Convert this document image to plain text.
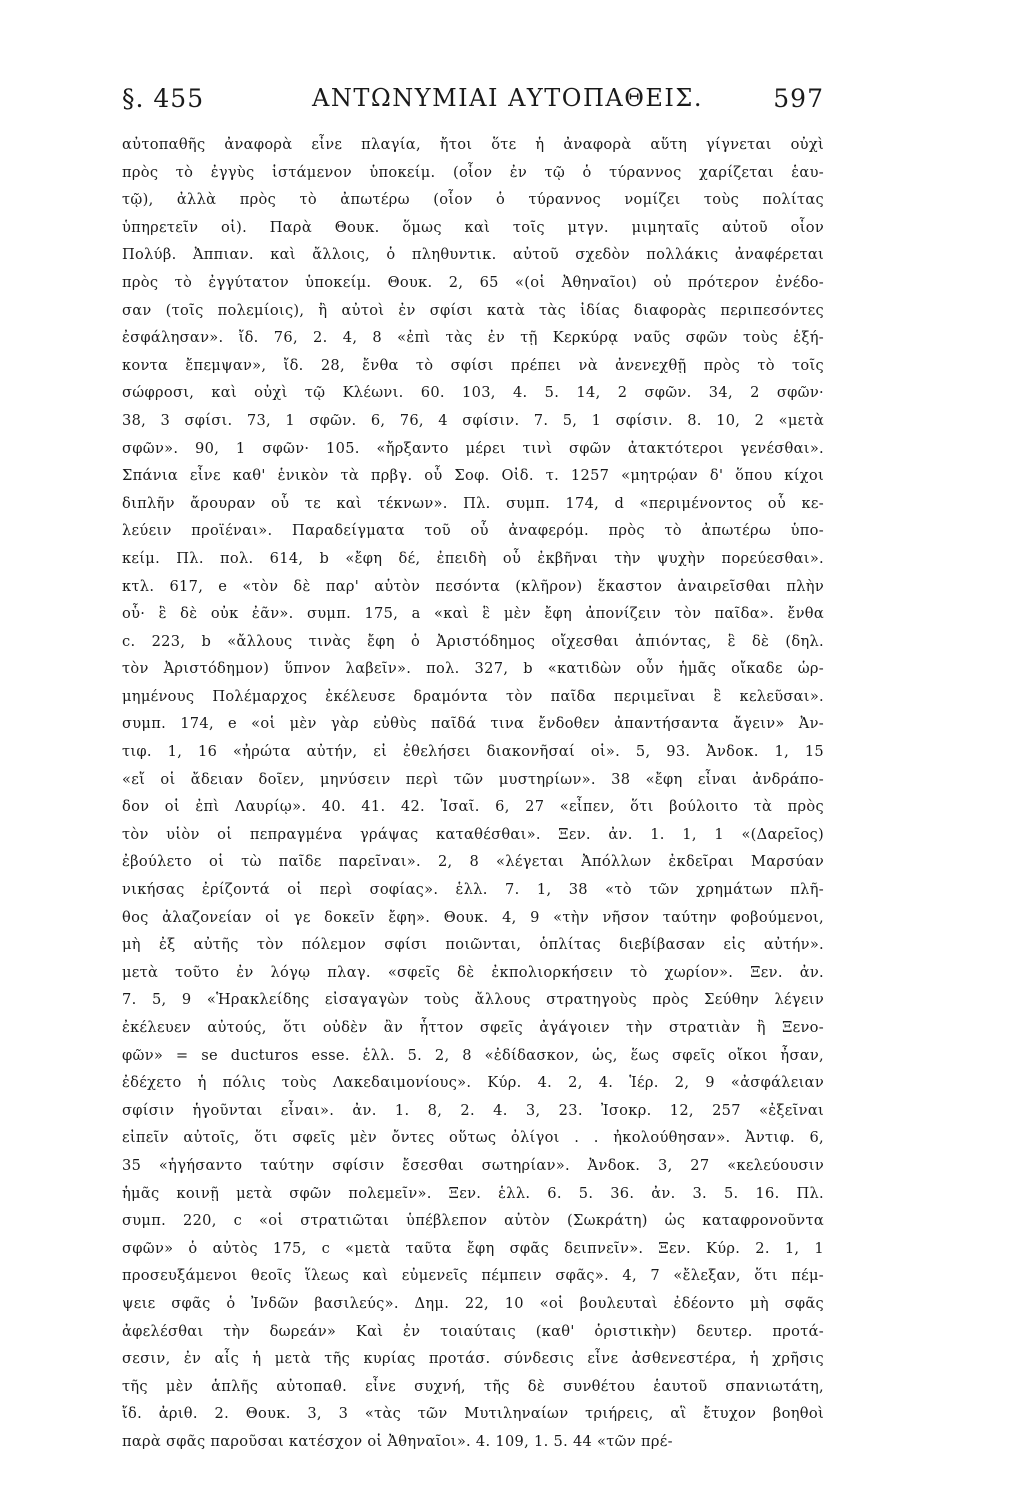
§. 455	ΑΝΤΩΝΥΜΙΑΙ ΑΥΤΟΠΑΘΕΙΣ.	597
αὐτοπαθῆς ἀναφορὰ εἶνε πλαγία, ἤτοι ὅτε ἡ ἀναφορὰ αὕτη γίγνεται οὐχὶ
πρὸς τὸ ἐγγὺς ἱστάμενον ὑποκείμ. (οἷον ἐν τῷ ὁ τύραννος χαρίζεται ἑαυ-
τῷ), ἀλλὰ πρὸς τὸ ἀπωτέρω (οἷον ὁ τύραννος νομίζει τοὺς πολίτας
ὑπηρετεῖν οἱ). Παρὰ Θουκ. ὅμως καὶ τοῖς μτγν. μιμηταῖς αὐτοῦ οἷον
Πολύβ. Ἀππιαν. καὶ ἄλλοις, ὁ πληθυντικ. αὐτοῦ σχεδὸν πολλάκις ἀναφέρεται
πρὸς τὸ ἐγγύτατον ὑποκείμ. Θουκ. 2, 65 «(οἱ Ἀθηναῖοι) οὐ πρότερον ἐνέδο-
σαν (τοῖς πολεμίοις), ἢ αὐτοὶ ἐν σφίσι κατὰ τὰς ἰδίας διαφορὰς περιπεσόντες
ἐσφάλησαν». ἴδ. 76, 2. 4, 8 «ἐπὶ τὰς ἐν τῇ Κερκύρᾳ ναῦς σφῶν τοὺς ἑξή-
κοντα ἔπεμψαν», ἴδ. 28, ἔνθα τὸ σφίσι πρέπει νὰ ἀνενεχθῇ πρὸς τὸ τοῖς
σώφροσι, καὶ οὐχὶ τῷ Κλέωνι. 60. 103, 4. 5. 14, 2 σφῶν. 34, 2 σφῶν·
38, 3 σφίσι. 73, 1 σφῶν. 6, 76, 4 σφίσιν. 7. 5, 1 σφίσιν. 8. 10, 2 «μετὰ
σφῶν». 90, 1 σφῶν· 105. «ἤρξαντο μέρει τινὶ σφῶν ἀτακτότεροι γενέσθαι».
Σπάνια εἶνε καθ' ἑνικὸν τὰ πρβγ. οὗ Σοφ. Οἰδ. τ. 1257 «μητρῴαν δ' ὅπου κίχοι
διπλῆν ἄρουραν οὗ τε καὶ τέκνων». Πλ. συμπ. 174, d «περιμένοντος οὗ κε-
λεύειν προϊέναι». Παραδείγματα τοῦ οὗ ἀναφερόμ. πρὸς τὸ ἀπωτέρω ὑπο-
κείμ. Πλ. πολ. 614, b «ἔφη δέ, ἐπειδὴ οὗ ἐκβῆναι τὴν ψυχὴν πορεύεσθαι».
κτλ. 617, e «τὸν δὲ παρ' αὑτὸν πεσόντα (κλῆρον) ἕκαστον ἀναιρεῖσθαι πλὴν
οὗ· ἓ δὲ οὐκ ἐᾶν». συμπ. 175, a «καὶ ἓ μὲν ἔφη ἀπονίζειν τὸν παῖδα». ἔνθα
c. 223, b «ἄλλους τινὰς ἔφη ὁ Ἀριστόδημος οἴχεσθαι ἀπιόντας, ἓ δὲ (δηλ.
τὸν Ἀριστόδημον) ὕπνον λαβεῖν». πολ. 327, b «κατιδὼν οὖν ἡμᾶς οἴκαδε ὡρ-
μημένους Πολέμαρχος ἐκέλευσε δραμόντα τὸν παῖδα περιμεῖναι ἓ κελεῦσαι».
συμπ. 174, e «οἱ μὲν γὰρ εὐθὺς παῖδά τινα ἔνδοθεν ἀπαντήσαντα ἄγειν» Ἀν-
τιφ. 1, 16 «ἠρώτα αὐτήν, εἰ ἐθελήσει διακονῆσαί οἱ». 5, 93. Ἀνδοκ. 1, 15
«εἴ οἱ ἄδειαν δοῖεν, μηνύσειν περὶ τῶν μυστηρίων». 38 «ἔφη εἶναι ἀνδράπο-
δον οἱ ἐπὶ Λαυρίῳ». 40. 41. 42. Ἰσαῖ. 6, 27 «εἶπεν, ὅτι βούλοιτο τὰ πρὸς
τὸν υἱὸν οἱ πεπραγμένα γράψας καταθέσθαι». Ξεν. ἀν. 1. 1, 1 «(Δαρεῖος)
ἐβούλετο οἱ τὼ παῖδε παρεῖναι». 2, 8 «λέγεται Ἀπόλλων ἐκδεῖραι Μαρσύαν
νικήσας ἐρίζοντά οἱ περὶ σοφίας». ἑλλ. 7. 1, 38 «τὸ τῶν χρημάτων πλῆ-
θος ἀλαζονείαν οἱ γε δοκεῖν ἔφη». Θουκ. 4, 9 «τὴν νῆσον ταύτην φοβούμενοι,
μὴ ἐξ αὐτῆς τὸν πόλεμον σφίσι ποιῶνται, ὁπλίτας διεβίβασαν εἰς αὐτήν».
μετὰ τοῦτο ἐν λόγῳ πλαγ. «σφεῖς δὲ ἐκπολιορκήσειν τὸ χωρίον». Ξεν. ἀν.
7. 5, 9 «Ἡρακλείδης εἰσαγαγὼν τοὺς ἄλλους στρατηγοὺς πρὸς Σεύθην λέγειν
ἐκέλευεν αὐτούς, ὅτι οὐδὲν ἂν ἧττον σφεῖς ἀγάγοιεν τὴν στρατιὰν ἢ Ξενο-
φῶν» = se ducturos esse. ἑλλ. 5. 2, 8 «ἐδίδασκον, ὡς, ἕως σφεῖς οἴκοι ἦσαν,
ἐδέχετο ἡ πόλις τοὺς Λακεδαιμονίους». Κύρ. 4. 2, 4. Ἱέρ. 2, 9 «ἀσφάλειαν
σφίσιν ἡγοῦνται εἶναι». ἀν. 1. 8, 2. 4. 3, 23. Ἰσοκρ. 12, 257 «ἐξεῖναι
εἰπεῖν αὐτοῖς, ὅτι σφεῖς μὲν ὄντες οὕτως ὀλίγοι . . ἠκολούθησαν». Ἀντιφ. 6,
35 «ἡγήσαντο ταύτην σφίσιν ἔσεσθαι σωτηρίαν». Ἀνδοκ. 3, 27 «κελεύουσιν
ἡμᾶς κοινῇ μετὰ σφῶν πολεμεῖν». Ξεν. ἑλλ. 6. 5. 36. ἀν. 3. 5. 16. Πλ.
συμπ. 220, c «οἱ στρατιῶται ὑπέβλεπον αὐτὸν (Σωκράτη) ὡς καταφρονοῦντα
σφῶν» ὁ αὐτὸς 175, c «μετὰ ταῦτα ἔφη σφᾶς δειπνεῖν». Ξεν. Κύρ. 2. 1, 1
προσευξάμενοι θεοῖς ἵλεως καὶ εὐμενεῖς πέμπειν σφᾶς». 4, 7 «ἔλεξαν, ὅτι πέμ-
ψειε σφᾶς ὁ Ἰνδῶν βασιλεύς». Δημ. 22, 10 «οἱ βουλευταὶ ἐδέοντο μὴ σφᾶς
ἀφελέσθαι τὴν δωρεάν» Καὶ ἐν τοιαύταις (καθ' ὁριστικὴν) δευτερ. προτά-
σεσιν, ἐν αἷς ἡ μετὰ τῆς κυρίας προτάσ. σύνδεσις εἶνε ἀσθενεστέρα, ἡ χρῆσις
τῆς μὲν ἁπλῆς αὐτοπαθ. εἶνε συχνή, τῆς δὲ συνθέτου ἑαυτοῦ σπανιωτάτη,
ἴδ. ἀριθ. 2. Θουκ. 3, 3 «τὰς τῶν Μυτιληναίων τριήρεις, αἳ ἔτυχον βοηθοὶ
παρὰ σφᾶς παροῦσαι κατέσχον οἱ Ἀθηναῖοι». 4. 109, 1. 5. 44 «τῶν πρέ-
